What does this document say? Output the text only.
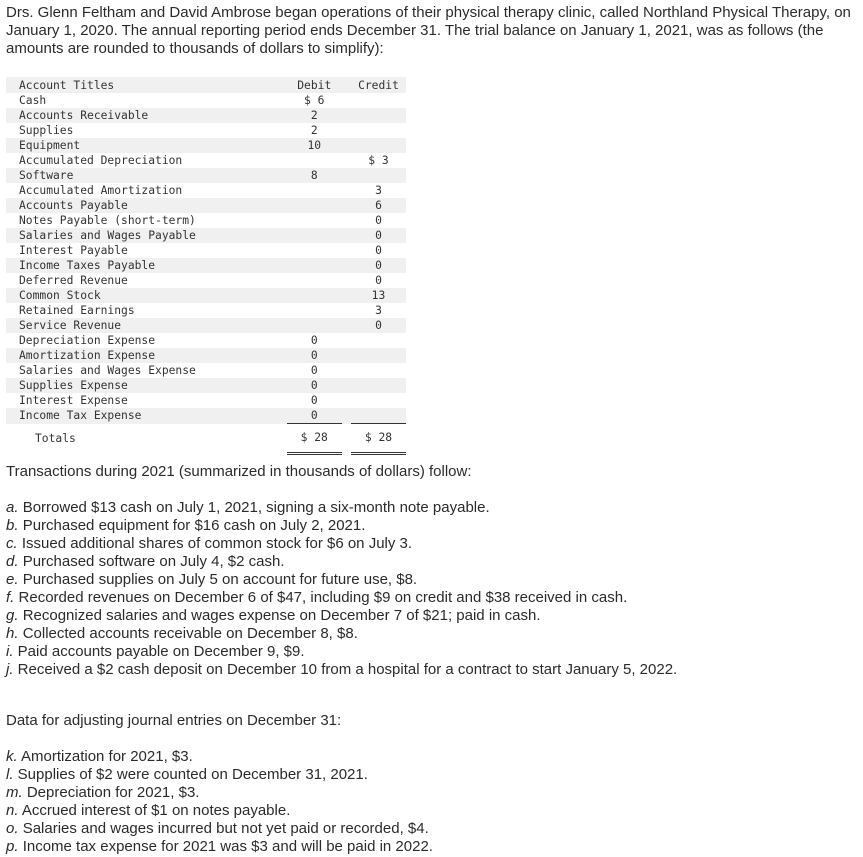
Drs. Glenn Feltham and David Ambrose began operations of their physical therapy clinic, called Northland Physical Therapy, on January 1, 2020. The annual reporting period ends December 31. The trial balance on January 1, 2021, was as follows (the amounts are rounded to thousands of dollars to simplify):
Account Titles	Debit		Credit
Cash	$ 6		
Accounts Receivable	2		
Supplies	2		
Equipment	10		
Accumulated Depreciation			$ 3
Software	8		
Accumulated Amortization			3
Accounts Payable			6
Notes Payable (short-term)			0
Salaries and Wages Payable			0
Interest Payable			0
Income Taxes Payable			0
Deferred Revenue			0
Common Stock			13
Retained Earnings			3
Service Revenue			0
Depreciation Expense	0		
Amortization Expense	0		
Salaries and Wages Expense	0		
Supplies Expense	0		
Interest Expense	0		
Income Tax Expense	0		
Totals	$ 28		$ 28
Transactions during 2021 (summarized in thousands of dollars) follow:
a. Borrowed $13 cash on July 1, 2021, signing a six-month note payable.
b. Purchased equipment for $16 cash on July 2, 2021.
c. Issued additional shares of common stock for $6 on July 3.
d. Purchased software on July 4, $2 cash.
e. Purchased supplies on July 5 on account for future use, $8.
f. Recorded revenues on December 6 of $47, including $9 on credit and $38 received in cash.
g. Recognized salaries and wages expense on December 7 of $21; paid in cash.
h. Collected accounts receivable on December 8, $8.
i. Paid accounts payable on December 9, $9.
j. Received a $2 cash deposit on December 10 from a hospital for a contract to start January 5, 2022.
Data for adjusting journal entries on December 31:
k. Amortization for 2021, $3.
l. Supplies of $2 were counted on December 31, 2021.
m. Depreciation for 2021, $3.
n. Accrued interest of $1 on notes payable.
o. Salaries and wages incurred but not yet paid or recorded, $4.
p. Income tax expense for 2021 was $3 and will be paid in 2022.
